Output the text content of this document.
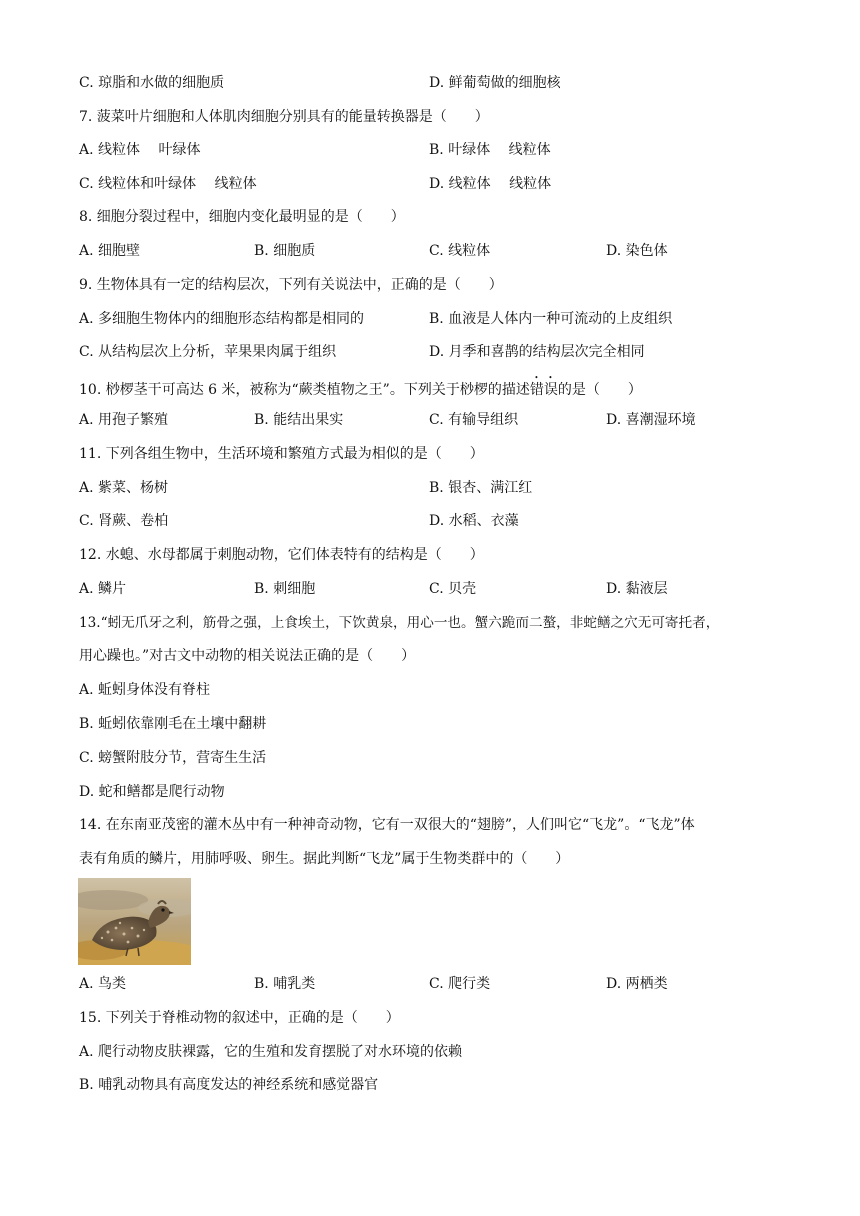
C. 琼脂和水做的细胞质	D. 鲜葡萄做的细胞核
7. 菠菜叶片细胞和人体肌肉细胞分别具有的能量转换器是（　　）
A. 线粒体　 叶绿体	B. 叶绿体　 线粒体
C. 线粒体和叶绿体　 线粒体	D. 线粒体　 线粒体
8. 细胞分裂过程中，细胞内变化最明显的是（　　）
A. 细胞壁	B. 细胞质	C. 线粒体	D. 染色体
9. 生物体具有一定的结构层次，下列有关说法中，正确的是（　　）
A. 多细胞生物体内的细胞形态结构都是相同的	B. 血液是人体内一种可流动的上皮组织
C. 从结构层次上分析，苹果果肉属于组织	D. 月季和喜鹊的结构层次完全相同
10. 桫椤茎干可高达 6 米，被称为“蕨类植物之王”。下列关于桫椤的描述错误的是（　　）
A. 用孢子繁殖	B. 能结出果实	C. 有输导组织	D. 喜潮湿环境
11. 下列各组生物中，生活环境和繁殖方式最为相似的是（　　）
A. 紫菜、杨树	B. 银杏、满江红
C. 肾蕨、卷柏	D. 水稻、衣藻
12. 水螅、水母都属于刺胞动物，它们体表特有的结构是（　　）
A. 鳞片	B. 刺细胞	C. 贝壳	D. 黏液层
13.“蚓无爪牙之利，筋骨之强，上食埃土，下饮黄泉，用心一也。蟹六跪而二螯，非蛇鳝之穴无可寄托者，
用心躁也。”对古文中动物的相关说法正确的是（　　）
A. 蚯蚓身体没有脊柱
B. 蚯蚓依靠刚毛在土壤中翻耕
C. 螃蟹附肢分节，营寄生生活
D. 蛇和鳝都是爬行动物
14. 在东南亚茂密的灌木丛中有一种神奇动物，它有一双很大的“翅膀”，人们叫它“飞龙”。“飞龙”体
表有角质的鳞片，用肺呼吸、卵生。据此判断“飞龙”属于生物类群中的（　　）
A. 鸟类	B. 哺乳类	C. 爬行类	D. 两栖类
15. 下列关于脊椎动物的叙述中，正确的是（　　）
A. 爬行动物皮肤裸露，它的生殖和发育摆脱了对水环境的依赖
B. 哺乳动物具有高度发达的神经系统和感觉器官
